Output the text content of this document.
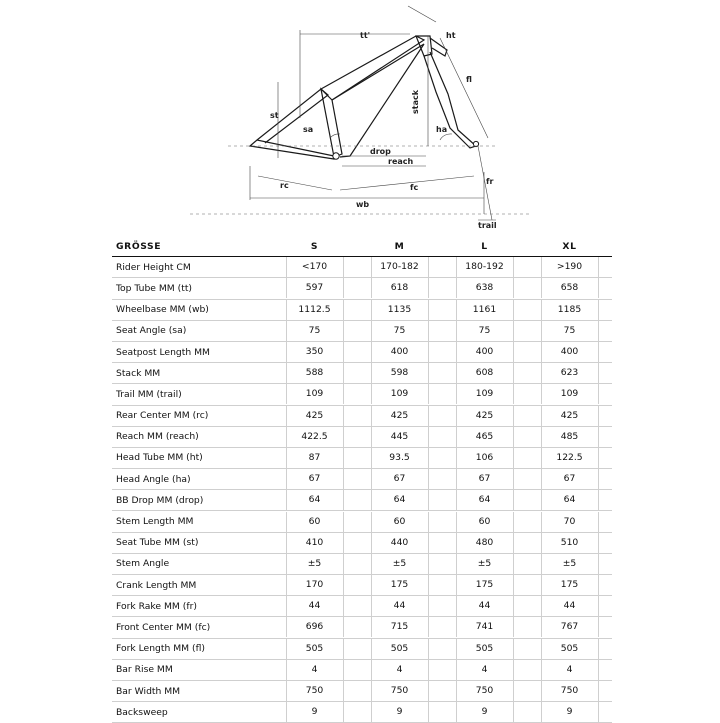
tt'	ht
fl
stack
st
sa	ha
drop
reach
rc	fc
fr
wb
trail
GRÖSSE	S	M	L	XL
Rider Height CM	<170	170-182	180-192	>190
Top Tube MM (tt)	597	618	638	658
Wheelbase MM (wb)	1112.5	1135	1161	1185
Seat Angle (sa)	75	75	75	75
Seatpost Length MM	350	400	400	400
Stack MM	588	598	608	623
Trail MM (trail)	109	109	109	109
Rear Center MM (rc)	425	425	425	425
Reach MM (reach)	422.5	445	465	485
Head Tube MM (ht)	87	93.5	106	122.5
Head Angle (ha)	67	67	67	67
BB Drop MM (drop)	64	64	64	64
Stem Length MM	60	60	60	70
Seat Tube MM (st)	410	440	480	510
Stem Angle	±5	±5	±5	±5
Crank Length MM	170	175	175	175
Fork Rake MM (fr)	44	44	44	44
Front Center MM (fc)	696	715	741	767
Fork Length MM (fl)	505	505	505	505
Bar Rise MM	4	4	4	4
Bar Width MM	750	750	750	750
Backsweep	9	9	9	9
